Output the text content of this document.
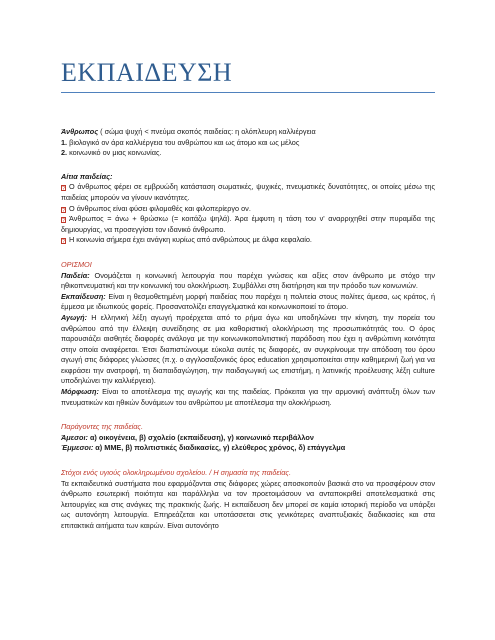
ΕΚΠΑΙΔΕΥΣΗ

Άνθρωπος ( σώμα ψυχή < πνεύμα σκοπός παιδείας: η ολόπλευρη καλλιέργεια

1. βιολογικό ον άρα καλλιέργεια του ανθρώπου και ως άτομο και ως μέλος

2. κοινωνικό ον μιας κοινωνίας.

Αίτια παιδείας:

? Ο άνθρωπος φέρει σε εμβρυώδη κατάσταση σωματικές, ψυχικές, πνευματικές δυνατότητες, οι οποίες μέσω της παιδείας μπορούν να γίνουν ικανότητες.

? Ο άνθρωπος είναι φύσει φιλομαθές και φιλοπερίεργο ον.

? Άνθρωπος = άνω + θρώσκω (= κοιτάζω ψηλά). Άρα έμφυτη η τάση του ν' αναρριχηθεί στην πυραμίδα της δημιουργίας, να προσεγγίσει τον ιδανικό άνθρωπο.

? Η κοινωνία σήμερα έχει ανάγκη κυρίως από ανθρώπους με άλφα κεφαλαίο.

ΟΡΙΣΜΟΙ

Παιδεία: Ονομάζεται η κοινωνική λειτουργία που παρέχει γνώσεις και αξίες στον άνθρωπο με στόχο την ηθικοπνευματική και την κοινωνική του ολοκλήρωση. Συμβάλλει στη διατήρηση και την πρόοδο των κοινωνιών.

Εκπαίδευση: Είναι η θεσμοθετημένη μορφή παιδείας που παρέχει η πολιτεία στους πολίτες άμεσα, ως κράτος, ή έμμεσα με ιδιωτικούς φορείς. Προσανατολίζει επαγγελματικά και κοινωνικοποιεί το άτομο.

Αγωγή: Η ελληνική λέξη αγωγή προέρχεται από το ρήμα άγω και υποδηλώνει την κίνηση, την πορεία του ανθρώπου από την έλλειψη συνείδησης σε μια καθοριστική ολοκλήρωση της προσωπικότητάς του. Ο όρος παρουσιάζει αισθητές διαφορές ανάλογα με την κοινωνικοπολιτιστική παράδοση που έχει η ανθρώπινη κοινότητα στην οποία αναφέρεται. Έτσι διαπιστώνουμε εύκολα αυτές τις διαφορές, αν συγκρίνουμε την απόδοση του όρου αγωγή στις διάφορες γλώσσες (π.χ. ο αγγλοσαξονικός όρος education χρησιμοποιείται στην καθημερινή ζωή για να εκφράσει την ανατροφή, τη διαπαιδαγώγηση, την παιδαγωγική ως επιστήμη, η λατινικής προέλευσης λέξη culture υποδηλώνει την καλλιέργεια).

Μόρφωση: Είναι το αποτέλεσμα της αγωγής και της παιδείας. Πρόκειται για την αρμονική ανάπτυξη όλων των πνευματικών και ηθικών δυνάμεων του ανθρώπου με αποτέλεσμα την ολοκλήρωση.

Παράγοντες της παιδείας.

Άμεσοι: α) οικογένεια, β) σχολείο (εκπαίδευση), γ) κοινωνικό περιβάλλον

Έμμεσοι: α) ΜΜΕ, β) πολιτιστικές διαδικασίες, γ) ελεύθερος χρόνος, δ) επάγγελμα

Στόχοι ενός υγιούς ολοκληρωμένου σχολείου. / Η σημασία της παιδείας.

Τα εκπαιδευτικά συστήματα που εφαρμόζονται στις διάφορες χώρες αποσκοπούν βασικά στο να προσφέρουν στον άνθρωπο εσωτερική ποιότητα και παράλληλα να τον προετοιμάσουν να ανταποκριθεί αποτελεσματικά στις λειτουργίες και στις ανάγκες της πρακτικής ζωής. Η εκπαίδευση δεν μπορεί σε καμία ιστορική περίοδο να υπάρξει ως αυτονόητη λειτουργία. Επηρεάζεται και υποτάσσεται στις γενικότερες αναπτυξιακές διαδικασίες και στα επιτακτικά αιτήματα των καιρών. Είναι αυτονόητο
